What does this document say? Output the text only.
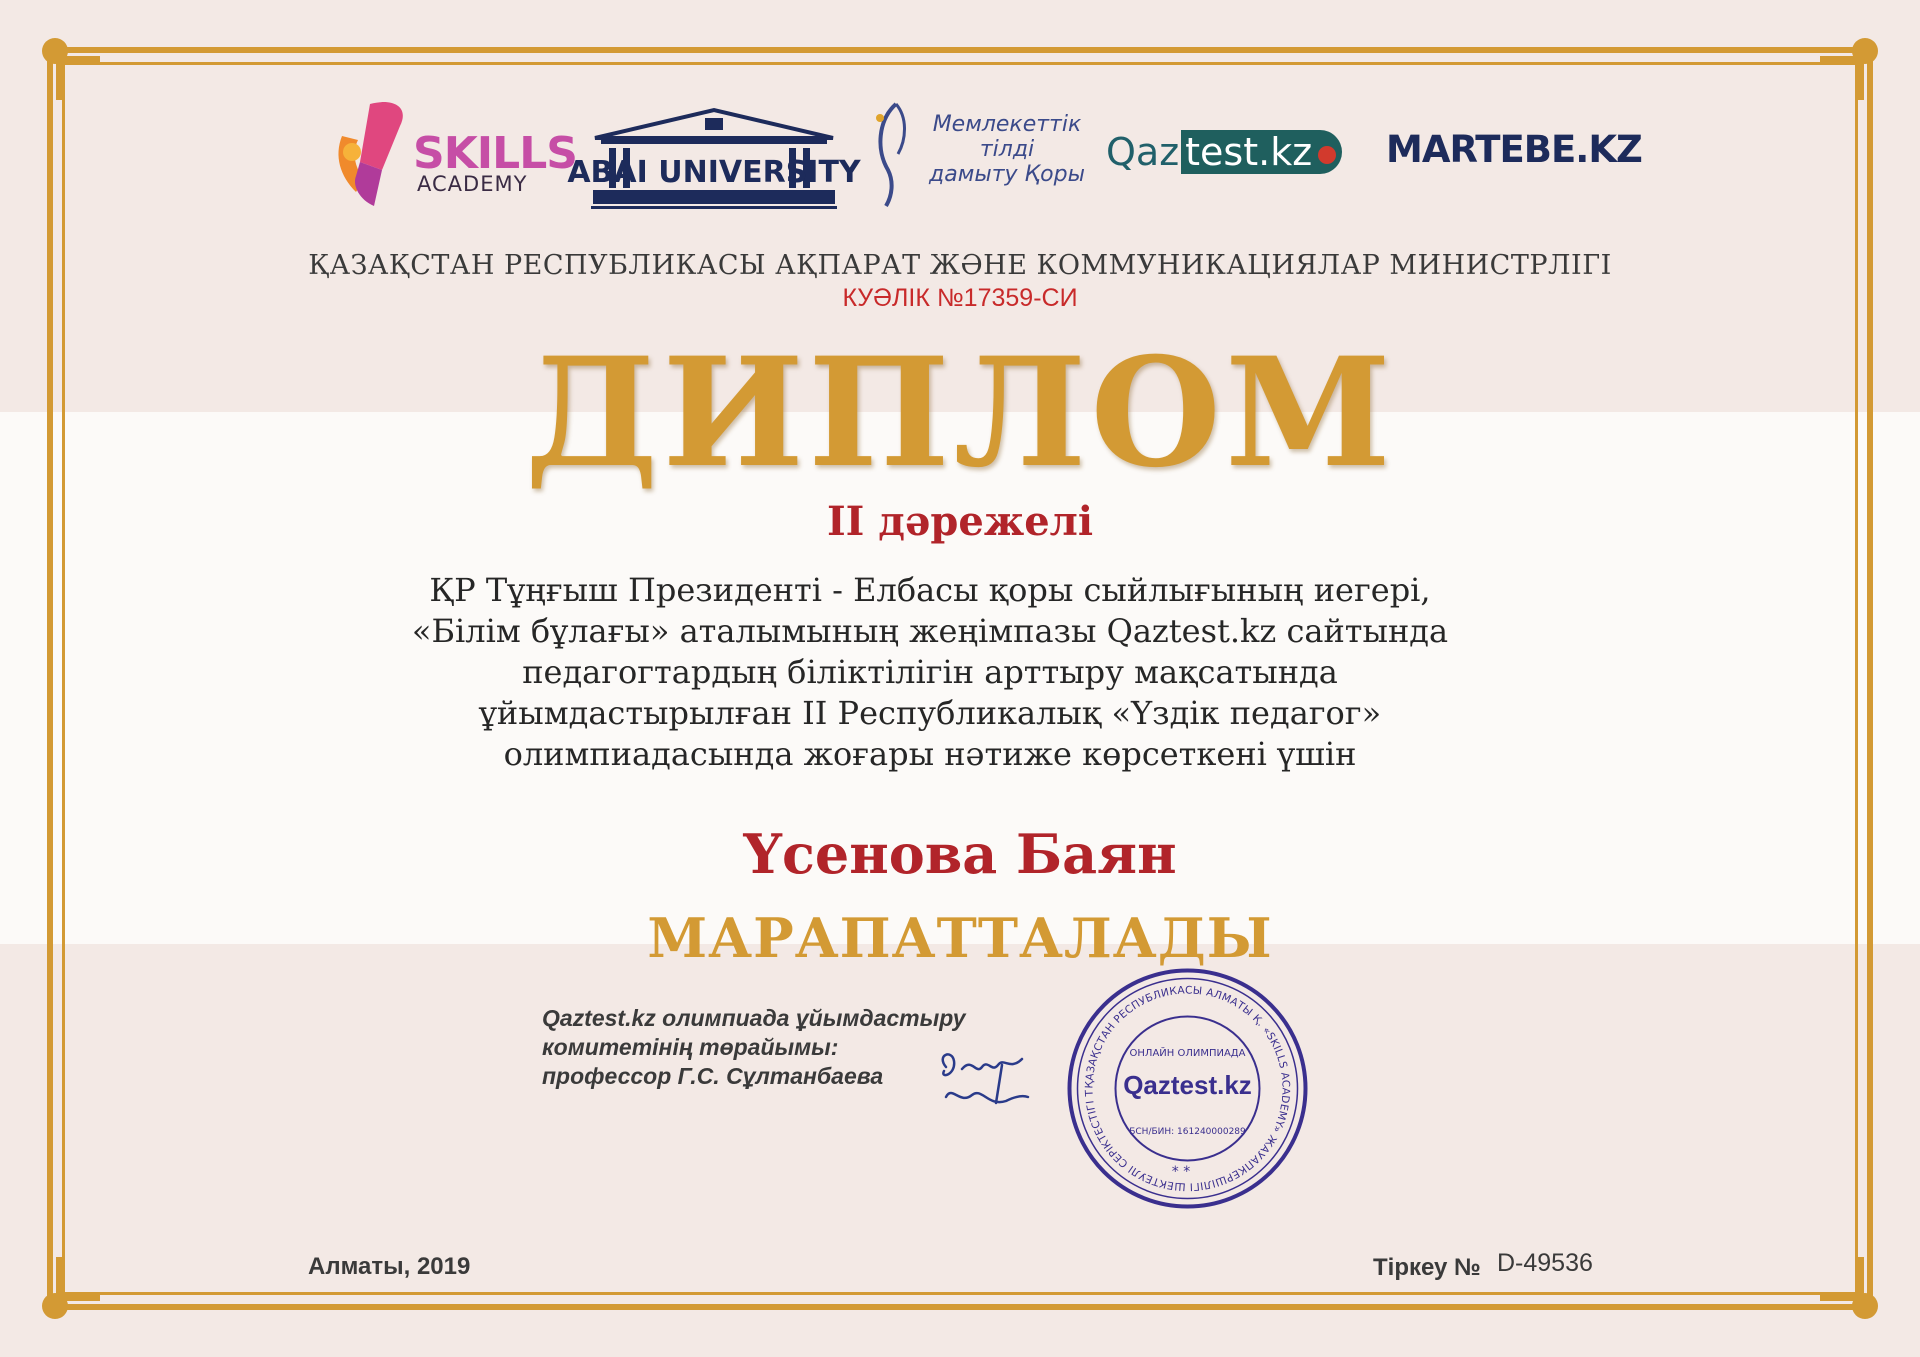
SKILLS
ACADEMY ABAI UNIVERSITY
Мемлекеттік
тілді
дамыту Қоры
Qaz test.kz	MARTEBE.KZ
ҚАЗАҚСТАН РЕСПУБЛИКАСЫ АҚПАРАТ ЖӘНЕ КОММУНИКАЦИЯЛАР МИНИСТРЛІГІ
КУӘЛІК №17359-СИ
ДИПЛОМ
II дәрежелі
ҚР Тұңғыш Президенті - Елбасы қоры сыйлығының иегері,
«Білім бұлағы» аталымының жеңімпазы Qaztest.kz сайтында
педагогтардың біліктілігін арттыру мақсатында
ұйымдастырылған II Республикалық «Үздік педагог»
олимпиадасында жоғары нәтиже көрсеткені үшін
Үсенова Баян
МАРАПАТТАЛАДЫ
Qaztest.kz олимпиада ұйымдастыру
комитетінің төрайымы:
профессор Г.С. Сұлтанбаева	ҚАЗАҚСТАН РЕСПУБЛИКАСЫ АЛМАТЫ Қ. «SKILLS ACADEMY» ЖАУАПКЕРШІЛІГІ ШЕКТЕУЛІ СЕРІКТЕСТІГІ Т
ОНЛАЙН ОЛИМПИАДА
Qaztest.kz
БСН/БИН: 161240000289
* *
Алматы, 2019	Тіркеу № D-49536
